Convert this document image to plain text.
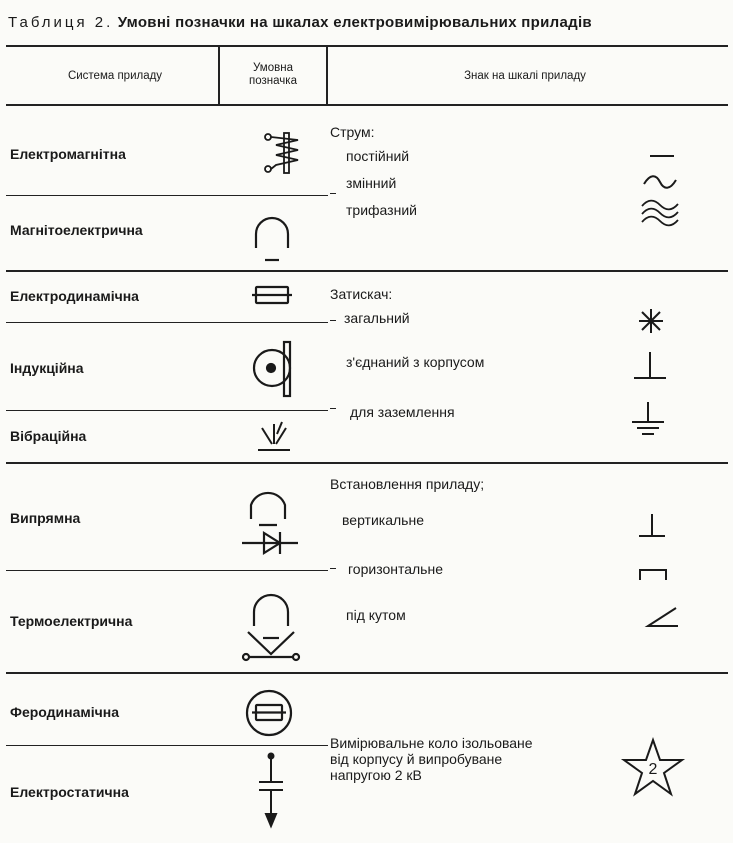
Таблиця 2. Умовні позначки на шкалах електровимірювальних приладів
Система приладу
Умовна
позначка	Знак на шкалі приладу
Електромагнітна
Магнітоелектрична
Електродинамічна
Індукційна
Вібраційна
Випрямна
Термоелектрична
Феродинамічна
Електростатична
Струм:
постійний
змінний
трифазний
Затискач:
загальний
з'єднаний з корпусом
для заземлення
Встановлення приладу;
вертикальне
горизонтальне
під кутом
Вимірювальне коло ізольоване
від корпусу й випробуване
напругою 2 кВ	2
